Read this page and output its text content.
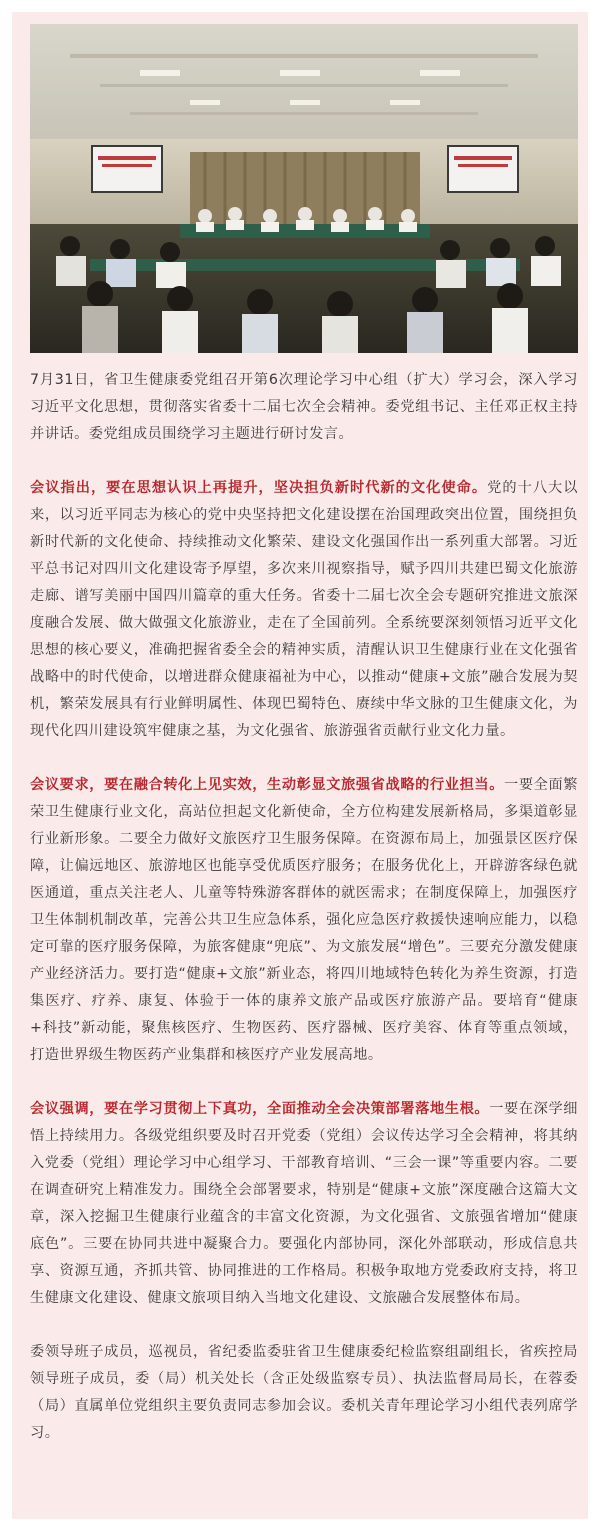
7月31日，省卫生健康委党组召开第6次理论学习中心组（扩大）学习会，深入学习习近平文化思想，贯彻落实省委十二届七次全会精神。委党组书记、主任邓正权主持并讲话。委党组成员围绕学习主题进行研讨发言。

会议指出，要在思想认识上再提升，坚决担负新时代新的文化使命。党的十八大以来，以习近平同志为核心的党中央坚持把文化建设摆在治国理政突出位置，围绕担负新时代新的文化使命、持续推动文化繁荣、建设文化强国作出一系列重大部署。习近平总书记对四川文化建设寄予厚望，多次来川视察指导，赋予四川共建巴蜀文化旅游走廊、谱写美丽中国四川篇章的重大任务。省委十二届七次全会专题研究推进文旅深度融合发展、做大做强文化旅游业，走在了全国前列。全系统要深刻领悟习近平文化思想的核心要义，准确把握省委全会的精神实质，清醒认识卫生健康行业在文化强省战略中的时代使命，以增进群众健康福祉为中心，以推动“健康+文旅”融合发展为契机，繁荣发展具有行业鲜明属性、体现巴蜀特色、赓续中华文脉的卫生健康文化，为现代化四川建设筑牢健康之基，为文化强省、旅游强省贡献行业文化力量。

会议要求，要在融合转化上见实效，生动彰显文旅强省战略的行业担当。一要全面繁荣卫生健康行业文化，高站位担起文化新使命，全方位构建发展新格局，多渠道彰显行业新形象。二要全力做好文旅医疗卫生服务保障。在资源布局上，加强景区医疗保障，让偏远地区、旅游地区也能享受优质医疗服务；在服务优化上，开辟游客绿色就医通道，重点关注老人、儿童等特殊游客群体的就医需求；在制度保障上，加强医疗卫生体制机制改革，完善公共卫生应急体系，强化应急医疗救援快速响应能力，以稳定可靠的医疗服务保障，为旅客健康“兜底”、为文旅发展“增色”。三要充分激发健康产业经济活力。要打造“健康+文旅”新业态，将四川地域特色转化为养生资源，打造集医疗、疗养、康复、体验于一体的康养文旅产品或医疗旅游产品。要培育“健康+科技”新动能，聚焦核医疗、生物医药、医疗器械、医疗美容、体育等重点领域，打造世界级生物医药产业集群和核医疗产业发展高地。

会议强调，要在学习贯彻上下真功，全面推动全会决策部署落地生根。一要在深学细悟上持续用力。各级党组织要及时召开党委（党组）会议传达学习全会精神，将其纳入党委（党组）理论学习中心组学习、干部教育培训、“三会一课”等重要内容。二要在调查研究上精准发力。围绕全会部署要求，特别是“健康+文旅”深度融合这篇大文章，深入挖掘卫生健康行业蕴含的丰富文化资源，为文化强省、文旅强省增加“健康底色”。三要在协同共进中凝聚合力。要强化内部协同，深化外部联动，形成信息共享、资源互通，齐抓共管、协同推进的工作格局。积极争取地方党委政府支持，将卫生健康文化建设、健康文旅项目纳入当地文化建设、文旅融合发展整体布局。

委领导班子成员，巡视员，省纪委监委驻省卫生健康委纪检监察组副组长，省疾控局领导班子成员，委（局）机关处长（含正处级监察专员）、执法监督局局长，在蓉委（局）直属单位党组织主要负责同志参加会议。委机关青年理论学习小组代表列席学习。
